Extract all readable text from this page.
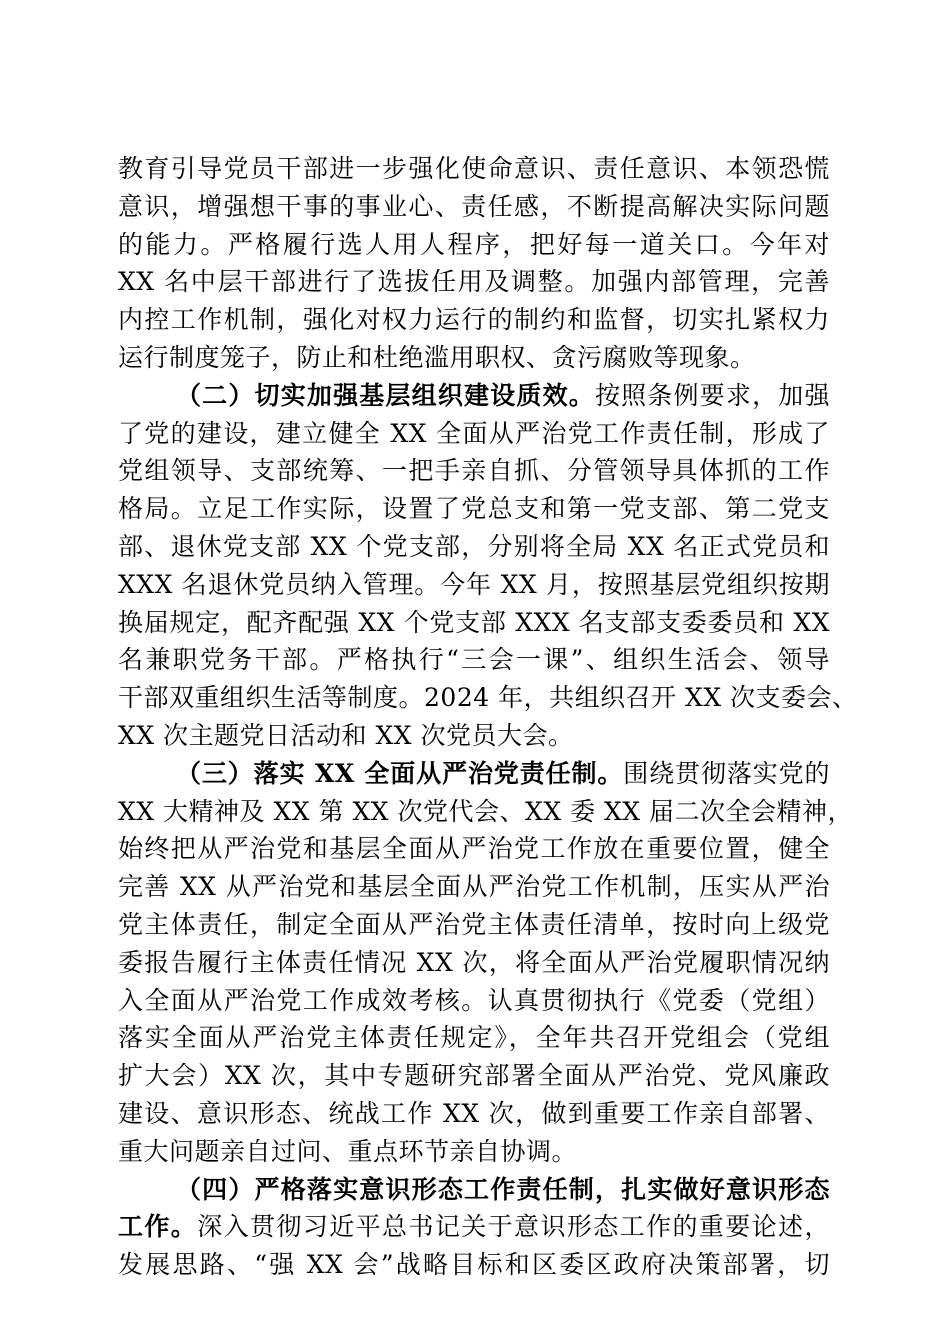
教育引导党员干部进一步强化使命意识、责任意识、本领恐慌
意识，增强想干事的事业心、责任感，不断提高解决实际问题
的能力。严格履行选人用人程序，把好每一道关口。今年对
XX 名中层干部进行了选拔任用及调整。加强内部管理，完善
内控工作机制，强化对权力运行的制约和监督，切实扎紧权力
运行制度笼子，防止和杜绝滥用职权、贪污腐败等现象。
（二）切实加强基层组织建设质效。按照条例要求，加强
了党的建设，建立健全 XX 全面从严治党工作责任制，形成了
党组领导、支部统筹、一把手亲自抓、分管领导具体抓的工作
格局。立足工作实际，设置了党总支和第一党支部、第二党支
部、退休党支部 XX 个党支部，分别将全局 XX 名正式党员和
XXX 名退休党员纳入管理。今年 XX 月，按照基层党组织按期
换届规定，配齐配强 XX 个党支部 XXX 名支部支委委员和 XX
名兼职党务干部。严格执行“三会一课”、组织生活会、领导
干部双重组织生活等制度。2024 年，共组织召开 XX 次支委会、
XX 次主题党日活动和 XX 次党员大会。
（三）落实 XX 全面从严治党责任制。围绕贯彻落实党的
XX 大精神及 XX 第 XX 次党代会、XX 委 XX 届二次全会精神，
始终把从严治党和基层全面从严治党工作放在重要位置，健全
完善 XX 从严治党和基层全面从严治党工作机制，压实从严治
党主体责任，制定全面从严治党主体责任清单，按时向上级党
委报告履行主体责任情况 XX 次，将全面从严治党履职情况纳
入全面从严治党工作成效考核。认真贯彻执行《党委（党组）
落实全面从严治党主体责任规定》，全年共召开党组会（党组
扩大会）XX 次，其中专题研究部署全面从严治党、党风廉政
建设、意识形态、统战工作 XX 次，做到重要工作亲自部署、
重大问题亲自过问、重点环节亲自协调。
（四）严格落实意识形态工作责任制，扎实做好意识形态
工作。深入贯彻习近平总书记关于意识形态工作的重要论述，
发展思路、“强 XX 会”战略目标和区委区政府决策部署，切
